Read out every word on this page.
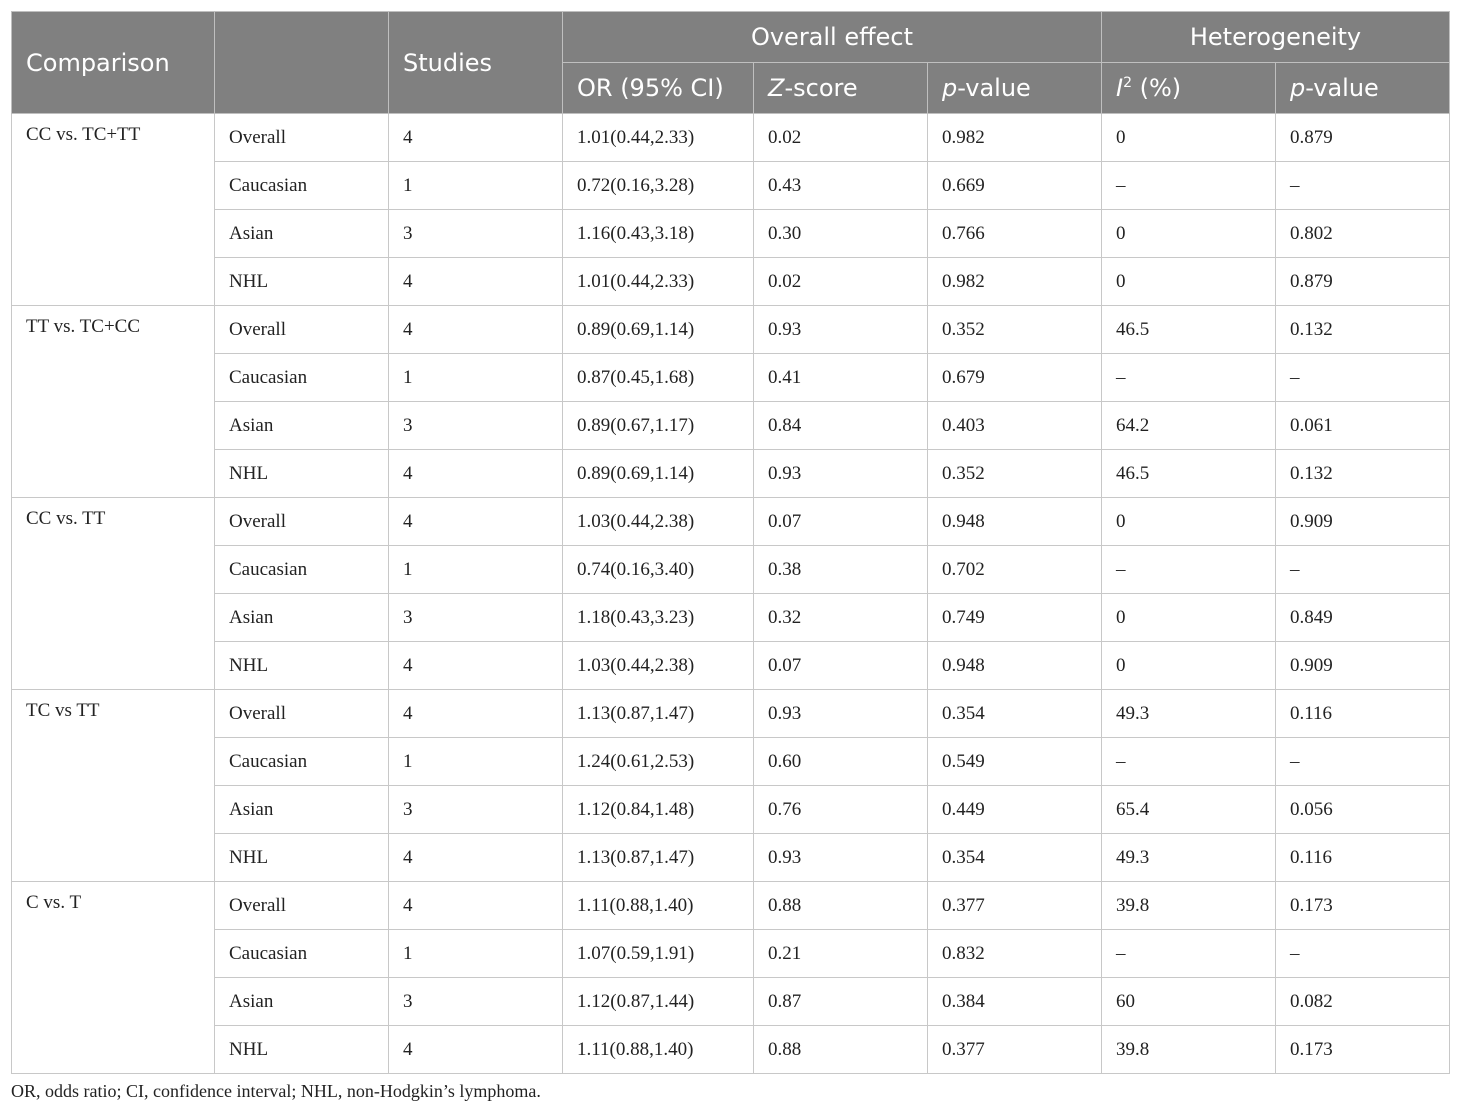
Comparison		Studies	Overall effect			Heterogeneity	
			OR (95% CI)	Z-score	p-value	$I^2$ (%)	p-value
CC vs. TC+TT	Overall	4	1.01(0.44,2.33)	0.02	0.982	0	0.879
	Caucasian	1	0.72(0.16,3.28)	0.43	0.669	–	–
	Asian	3	1.16(0.43,3.18)	0.30	0.766	0	0.802
	NHL	4	1.01(0.44,2.33)	0.02	0.982	0	0.879
TT vs. TC+CC	Overall	4	0.89(0.69,1.14)	0.93	0.352	46.5	0.132
	Caucasian	1	0.87(0.45,1.68)	0.41	0.679	–	–
	Asian	3	0.89(0.67,1.17)	0.84	0.403	64.2	0.061
	NHL	4	0.89(0.69,1.14)	0.93	0.352	46.5	0.132
CC vs. TT	Overall	4	1.03(0.44,2.38)	0.07	0.948	0	0.909
	Caucasian	1	0.74(0.16,3.40)	0.38	0.702	–	–
	Asian	3	1.18(0.43,3.23)	0.32	0.749	0	0.849
	NHL	4	1.03(0.44,2.38)	0.07	0.948	0	0.909
TC vs TT	Overall	4	1.13(0.87,1.47)	0.93	0.354	49.3	0.116
	Caucasian	1	1.24(0.61,2.53)	0.60	0.549	–	–
	Asian	3	1.12(0.84,1.48)	0.76	0.449	65.4	0.056
	NHL	4	1.13(0.87,1.47)	0.93	0.354	49.3	0.116
C vs. T	Overall	4	1.11(0.88,1.40)	0.88	0.377	39.8	0.173
	Caucasian	1	1.07(0.59,1.91)	0.21	0.832	–	–
	Asian	3	1.12(0.87,1.44)	0.87	0.384	60	0.082
	NHL	4	1.11(0.88,1.40)	0.88	0.377	39.8	0.173
OR, odds ratio; CI, confidence interval; NHL, non-Hodgkin’s lymphoma.
